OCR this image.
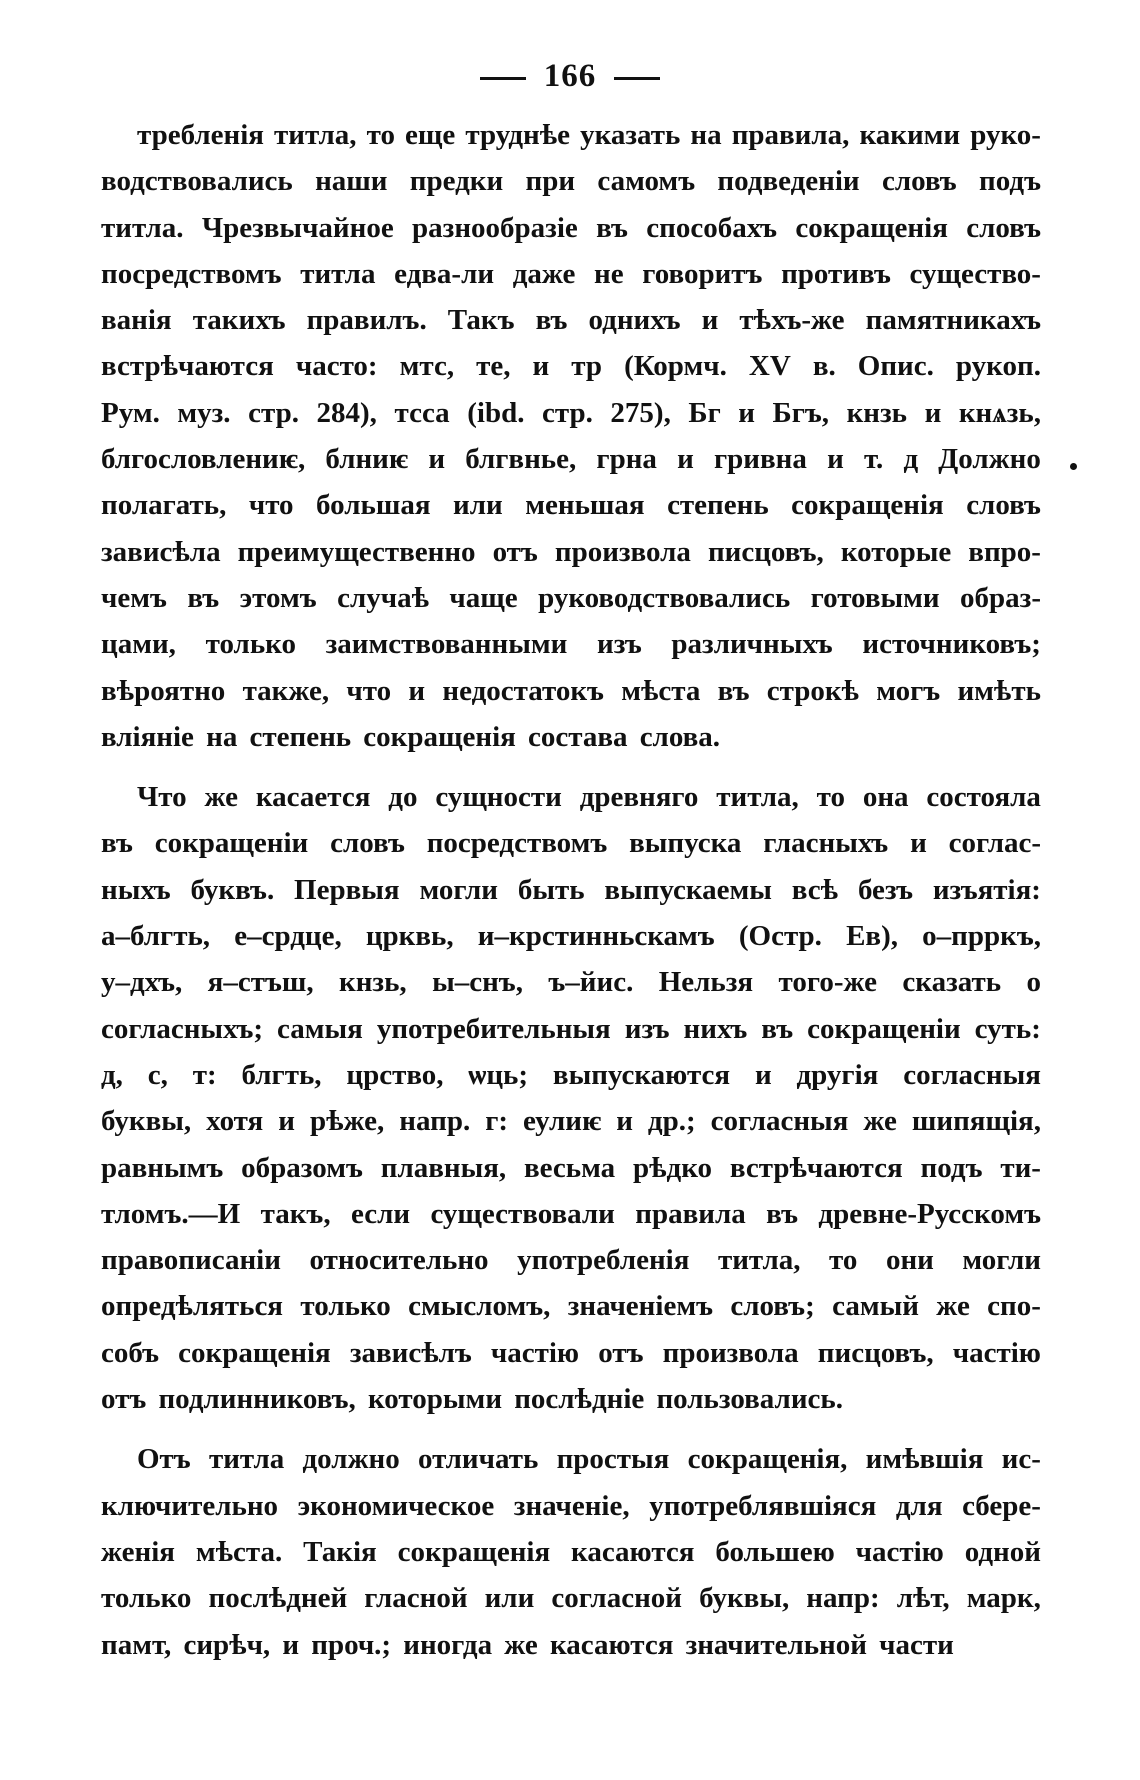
166
требленія титла, то еще труднѣе указать на правила, какими руко-
водствовались наши предки при самомъ подведеніи словъ подъ
титла. Чрезвычайное разнообразіе въ способахъ сокращенія словъ
посредствомъ титла едва-ли даже не говоритъ противъ существо-
ванія такихъ правилъ. Такъ въ однихъ и тѣхъ-же памятникахъ
встрѣчаются часто: мтс, те, и тр (Кормч. XV в. Опис. рукоп.
Рум. муз. стр. 284), тсса (ibd. стр. 275), Бг и Бгъ, кнзь и кнѧзь,
блгословлениѥ, блниѥ и блгвнье, грна и гривна и т. д Должно
полагать, что большая или меньшая степень сокращенія словъ
зависѣла преимущественно отъ произвола писцовъ, которые впро-
чемъ въ этомъ случаѣ чаще руководствовались готовыми образ-
цами, только заимствованными изъ различныхъ источниковъ;
вѣроятно также, что и недостатокъ мѣста въ строкѣ могъ имѣть
вліяніе на степень сокращенія состава слова.
Что же касается до сущности древняго титла, то она состояла
въ сокращеніи словъ посредствомъ выпуска гласныхъ и соглас-
ныхъ буквъ. Первыя могли быть выпускаемы всѣ безъ изъятія:
а–блгть, е–срдце, црквь, и–крстинньскамъ (Остр. Ев), о–прркъ,
у–дхъ, я–стъш, кнзь, ы–снъ, ъ–йис. Нельзя того-же сказать о
согласныхъ; самыя употребительныя изъ нихъ въ сокращеніи суть:
д, с, т: блгть, црство, ѡць; выпускаются и другія согласныя
буквы, хотя и рѣже, напр. г: еулиѥ и др.; согласныя же шипящія,
равнымъ образомъ плавныя, весьма рѣдко встрѣчаются подъ ти-
тломъ.—И такъ, если существовали правила въ древне-Русскомъ
правописаніи относительно употребленія титла, то они могли
опредѣляться только смысломъ, значеніемъ словъ; самый же спо-
собъ сокращенія зависѣлъ частію отъ произвола писцовъ, частію
отъ подлинниковъ, которыми послѣдніе пользовались.
Отъ титла должно отличать простыя сокращенія, имѣвшія ис-
ключительно экономическое значеніе, употреблявшіяся для сбере-
женія мѣста. Такія сокращенія касаются большею частію одной
только послѣдней гласной или согласной буквы, напр: лѣт, марк,
памт, сирѣч, и проч.; иногда же касаются значительной части
